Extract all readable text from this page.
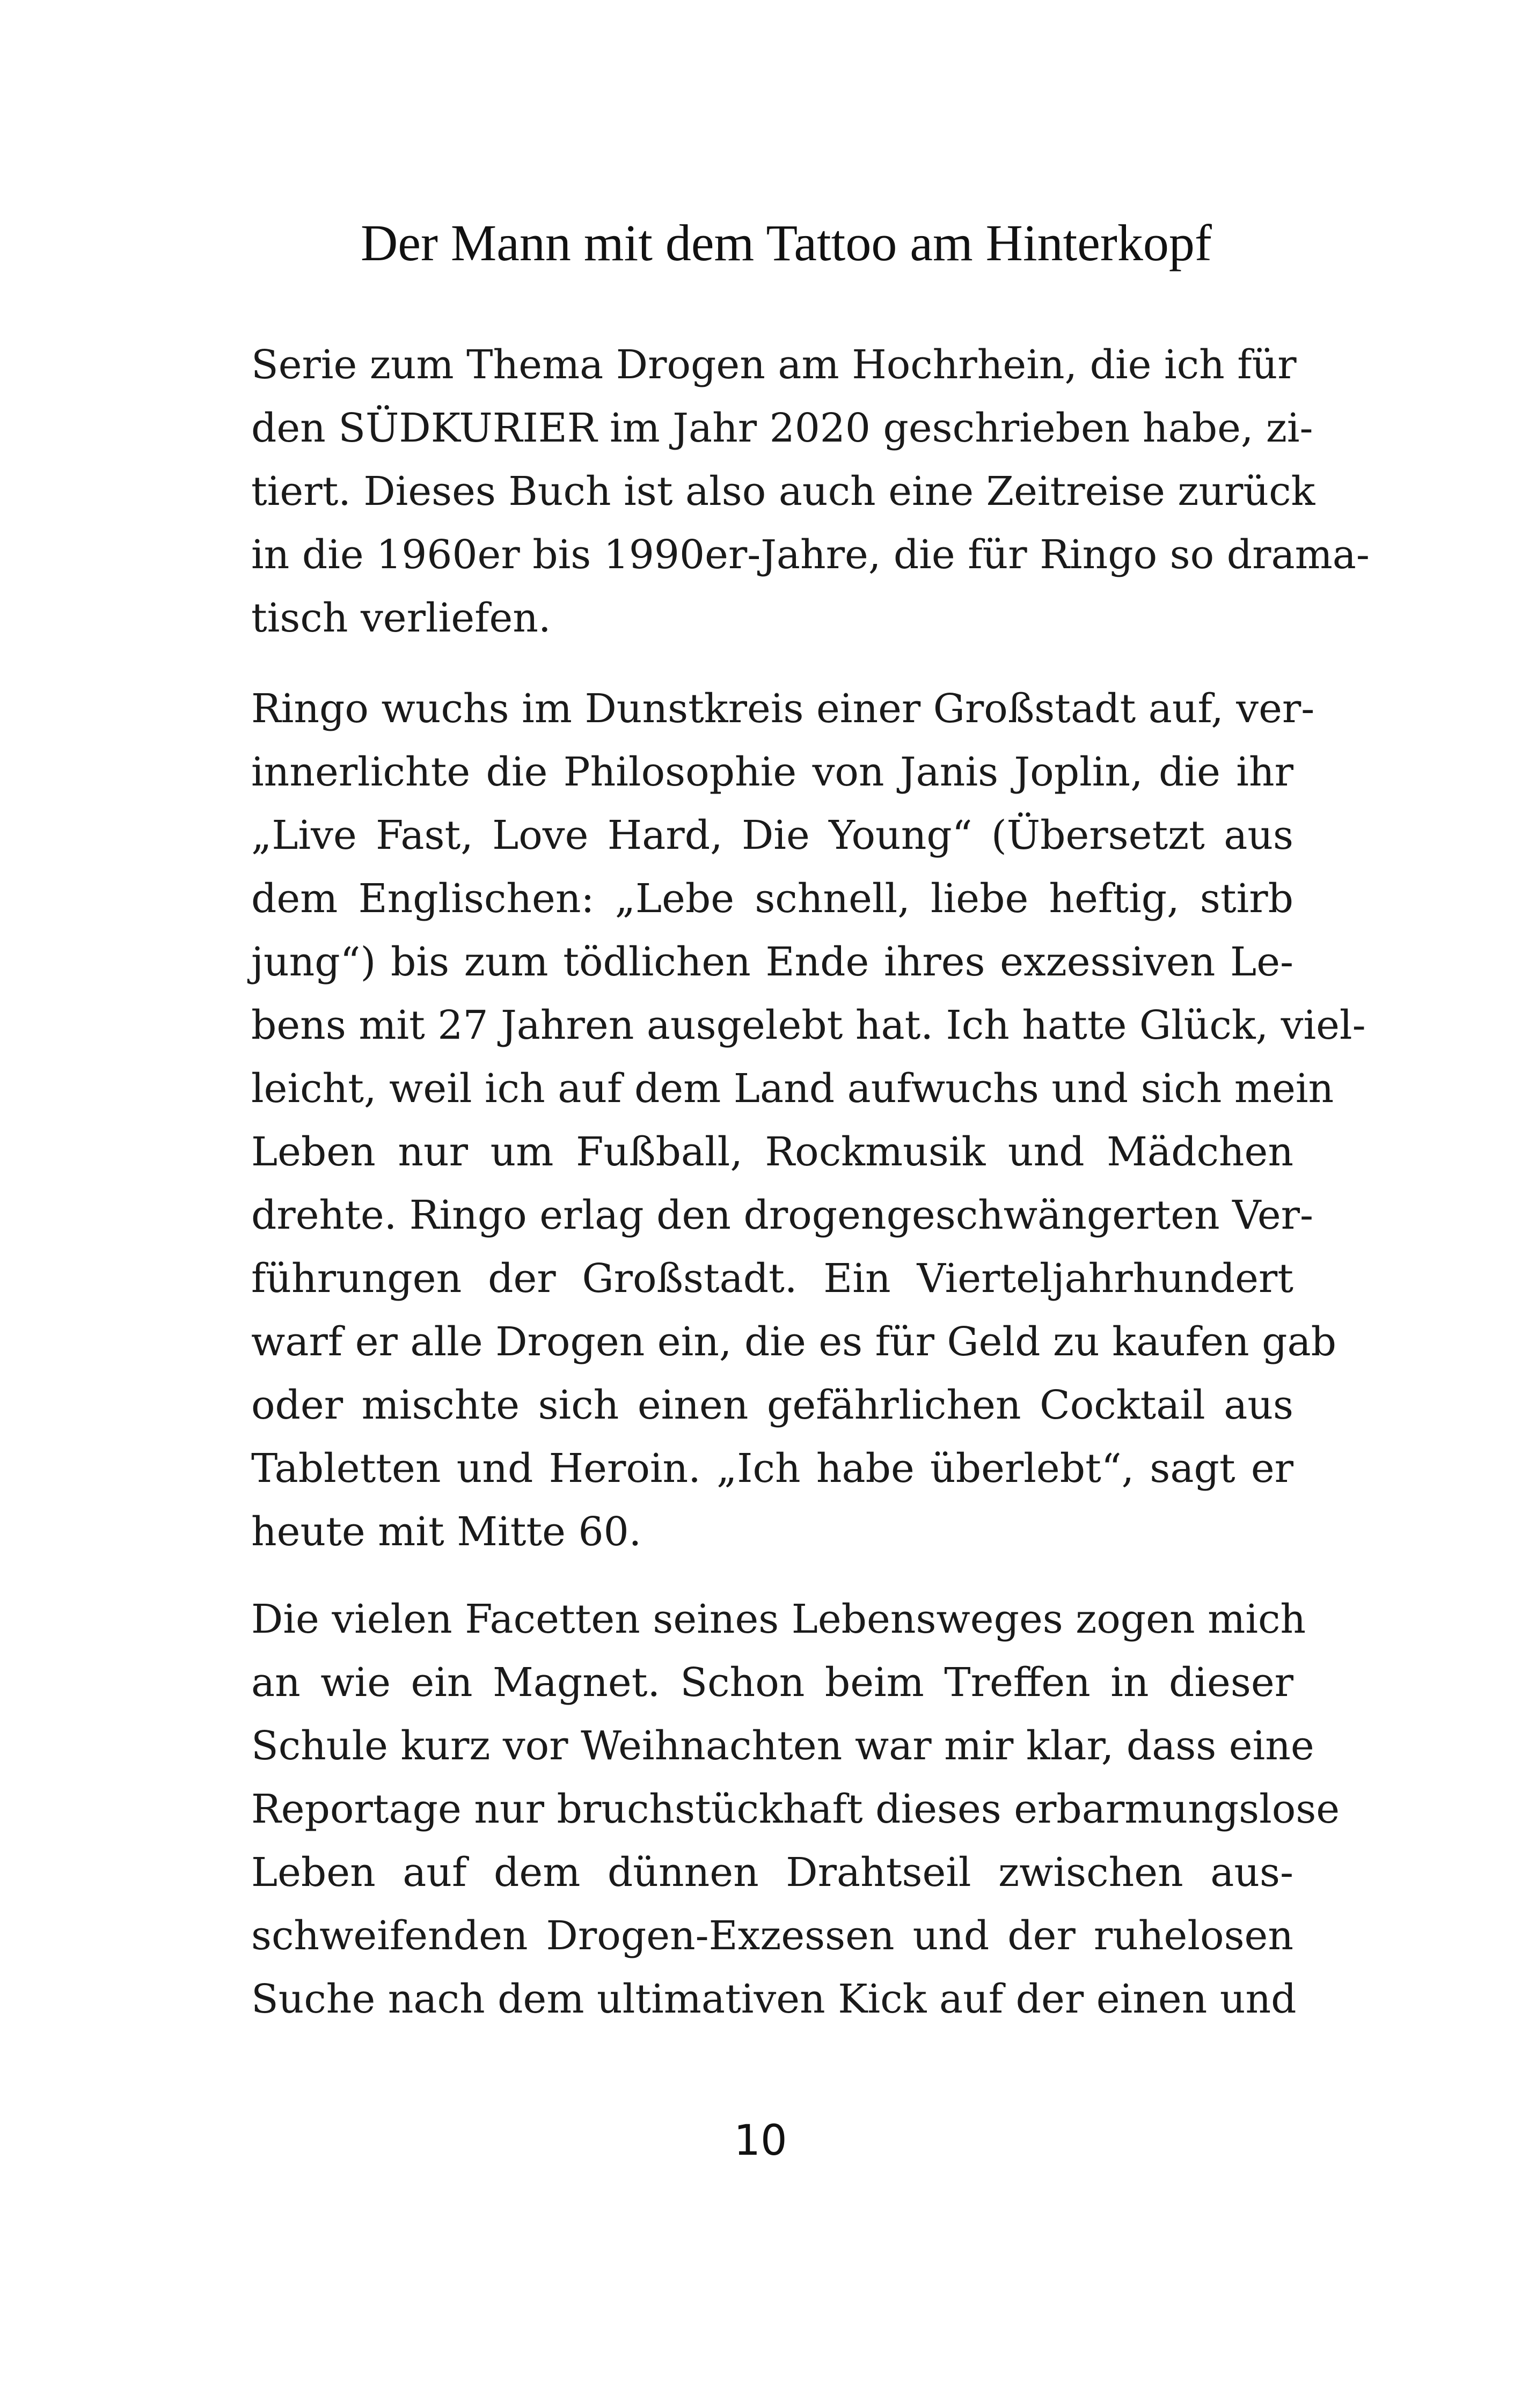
Der Mann mit dem Tattoo am Hinterkopf
Serie zum Thema Drogen am Hochrhein, die ich für
den SÜDKURIER im Jahr 2020 geschrieben habe, zi-
tiert. Dieses Buch ist also auch eine Zeitreise zurück
in die 1960er bis 1990er-Jahre, die für Ringo so drama-
tisch verliefen.
Ringo wuchs im Dunstkreis einer Großstadt auf, ver-
innerlichte die Philosophie von Janis Joplin, die ihr
„Live Fast, Love Hard, Die Young“ (Übersetzt aus
dem Englischen: „Lebe schnell, liebe heftig, stirb
jung“) bis zum tödlichen Ende ihres exzessiven Le-
bens mit 27 Jahren ausgelebt hat. Ich hatte Glück, viel-
leicht, weil ich auf dem Land aufwuchs und sich mein
Leben nur um Fußball, Rockmusik und Mädchen
drehte. Ringo erlag den drogengeschwängerten Ver-
führungen der Großstadt. Ein Vierteljahrhundert
warf er alle Drogen ein, die es für Geld zu kaufen gab
oder mischte sich einen gefährlichen Cocktail aus
Tabletten und Heroin. „Ich habe überlebt“, sagt er
heute mit Mitte 60.
Die vielen Facetten seines Lebensweges zogen mich
an wie ein Magnet. Schon beim Treffen in dieser
Schule kurz vor Weihnachten war mir klar, dass eine
Reportage nur bruchstückhaft dieses erbarmungslose
Leben auf dem dünnen Drahtseil zwischen aus-
schweifenden Drogen-Exzessen und der ruhelosen
Suche nach dem ultimativen Kick auf der einen und
10
